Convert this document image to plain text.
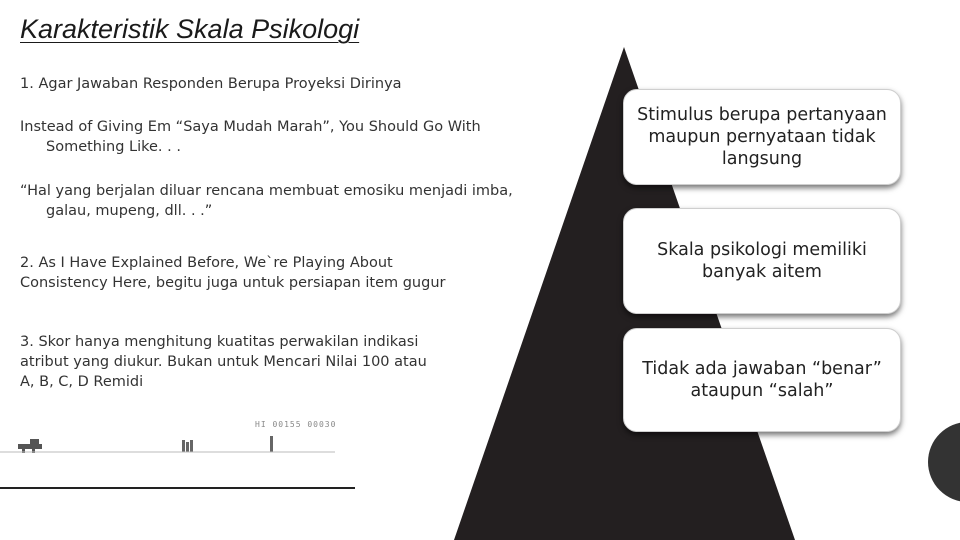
Karakteristik Skala Psikologi
1. Agar Jawaban Responden Berupa Proyeksi Dirinya
Instead of Giving Em “Saya Mudah Marah”, You Should Go With Something Like. . .
“Hal yang berjalan diluar rencana membuat emosiku menjadi imba, galau, mupeng, dll. . .”
2. As I Have Explained Before, We`re Playing About Consistency Here, begitu juga untuk persiapan item gugur
3. Skor hanya menghitung kuatitas perwakilan indikasi atribut yang diukur. Bukan untuk Mencari Nilai 100 atau A, B, C, D Remidi
HI 00155 00030
Stimulus berupa pertanyaan maupun pernyataan tidak langsung
Skala psikologi memiliki banyak aitem
Tidak ada jawaban “benar” ataupun “salah”
